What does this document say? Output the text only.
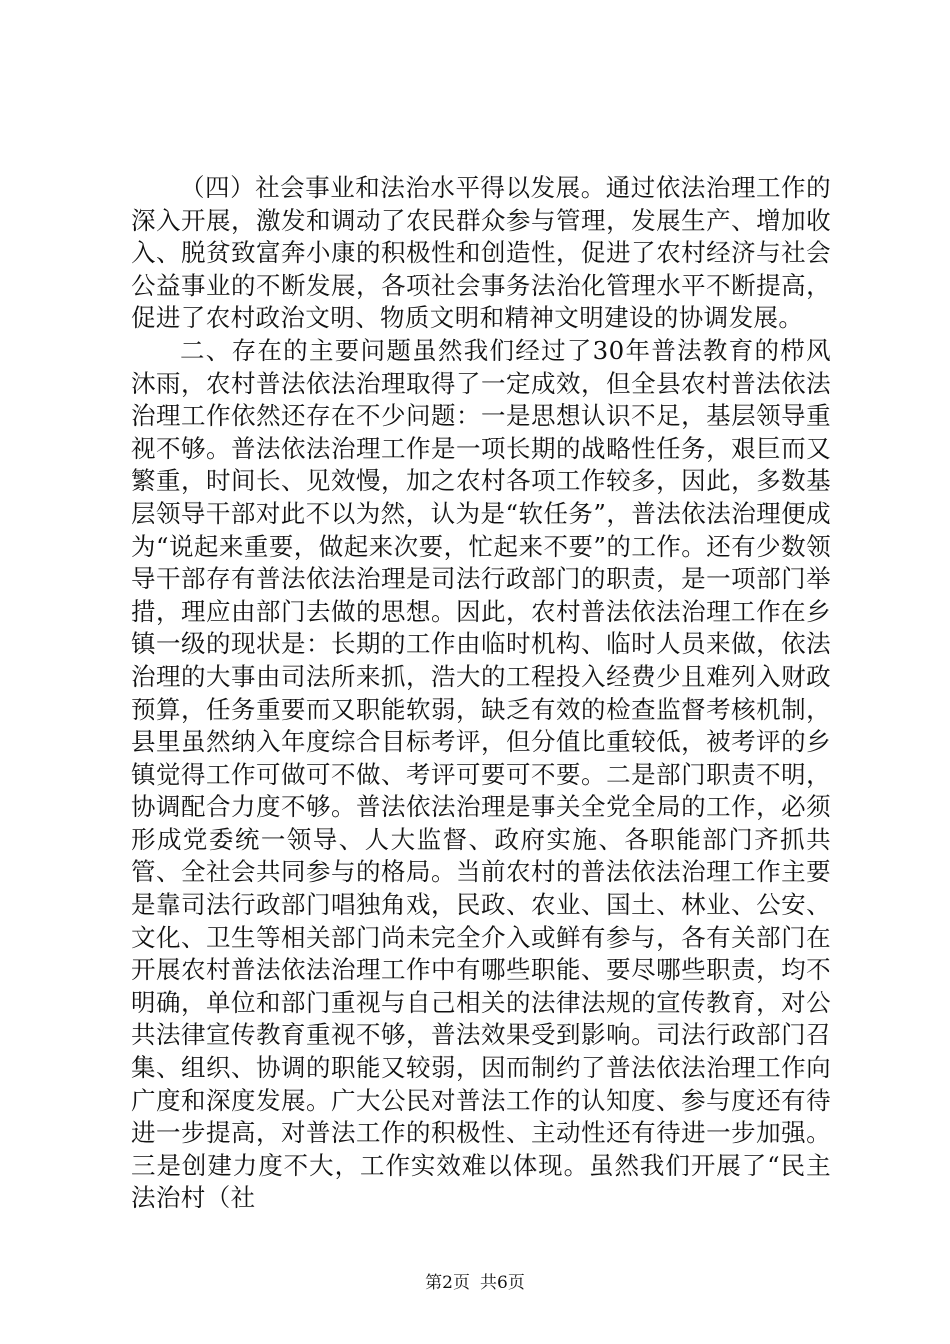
（四）社会事业和法治水平得以发展。通过依法治理工作的深入开展，激发和调动了农民群众参与管理，发展生产、增加收入、脱贫致富奔小康的积极性和创造性，促进了农村经济与社会公益事业的不断发展，各项社会事务法治化管理水平不断提高，促进了农村政治文明、物质文明和精神文明建设的协调发展。

二、存在的主要问题虽然我们经过了30年普法教育的栉风沐雨，农村普法依法治理取得了一定成效，但全县农村普法依法治理工作依然还存在不少问题：一是思想认识不足，基层领导重视不够。普法依法治理工作是一项长期的战略性任务，艰巨而又繁重，时间长、见效慢，加之农村各项工作较多，因此，多数基层领导干部对此不以为然，认为是“软任务”，普法依法治理便成为“说起来重要，做起来次要，忙起来不要”的工作。还有少数领导干部存有普法依法治理是司法行政部门的职责，是一项部门举措，理应由部门去做的思想。因此，农村普法依法治理工作在乡镇一级的现状是：长期的工作由临时机构、临时人员来做，依法治理的大事由司法所来抓，浩大的工程投入经费少且难列入财政预算，任务重要而又职能软弱，缺乏有效的检查监督考核机制，县里虽然纳入年度综合目标考评，但分值比重较低，被考评的乡镇觉得工作可做可不做、考评可要可不要。二是部门职责不明，协调配合力度不够。普法依法治理是事关全党全局的工作，必须形成党委统一领导、人大监督、政府实施、各职能部门齐抓共管、全社会共同参与的格局。当前农村的普法依法治理工作主要是靠司法行政部门唱独角戏，民政、农业、国土、林业、公安、文化、卫生等相关部门尚未完全介入或鲜有参与，各有关部门在开展农村普法依法治理工作中有哪些职能、要尽哪些职责，均不明确，单位和部门重视与自己相关的法律法规的宣传教育，对公共法律宣传教育重视不够，普法效果受到影响。司法行政部门召集、组织、协调的职能又较弱，因而制约了普法依法治理工作向广度和深度发展。广大公民对普法工作的认知度、参与度还有待进一步提高，对普法工作的积极性、主动性还有待进一步加强。三是创建力度不大，工作实效难以体现。虽然我们开展了“民主法治村（社

第2页 共6页
